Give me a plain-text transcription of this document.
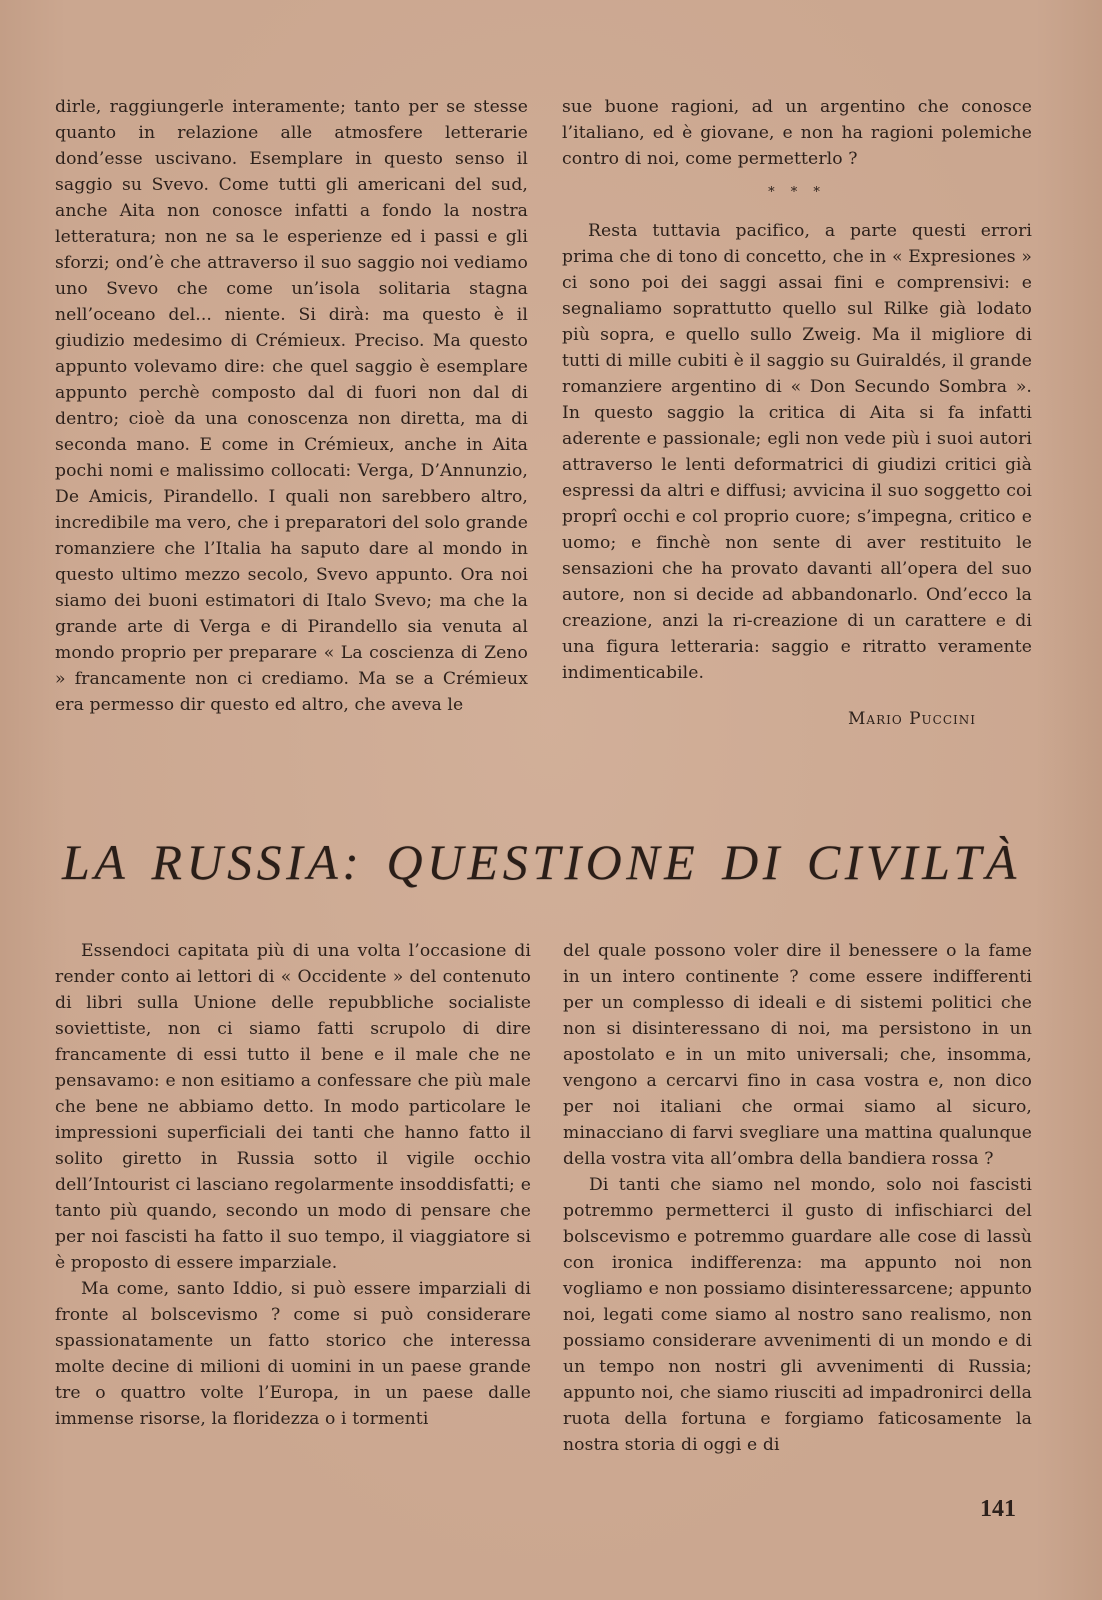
dirle, raggiungerle interamente; tanto per se stesse quanto in relazione alle atmosfere letterarie dond’esse uscivano. Esemplare in questo senso il saggio su Svevo. Come tutti gli americani del sud, anche Aita non conosce infatti a fondo la nostra letteratura; non ne sa le esperienze ed i passi e gli sforzi; ond’è che attraverso il suo saggio noi vediamo uno Svevo che come un’isola solitaria stagna nell’oceano del... niente. Si dirà: ma questo è il giudizio medesimo di Crémieux. Preciso. Ma questo appunto volevamo dire: che quel saggio è esemplare appunto perchè composto dal di fuori non dal di dentro; cioè da una conoscenza non diretta, ma di seconda mano. E come in Crémieux, anche in Aita pochi nomi e malissimo collocati: Verga, D’Annunzio, De Amicis, Pirandello. I quali non sarebbero altro, incredibile ma vero, che i preparatori del solo grande romanziere che l’Italia ha saputo dare al mondo in questo ultimo mezzo secolo, Svevo appunto. Ora noi siamo dei buoni estimatori di Italo Svevo; ma che la grande arte di Verga e di Pirandello sia venuta al mondo proprio per preparare « La coscienza di Zeno » francamente non ci crediamo. Ma se a Crémieux era permesso dir questo ed altro, che aveva le

sue buone ragioni, ad un argentino che conosce l’italiano, ed è giovane, e non ha ragioni polemiche contro di noi, come permetterlo ?

* * *

Resta tuttavia pacifico, a parte questi errori prima che di tono di concetto, che in « Expresiones » ci sono poi dei saggi assai fini e comprensivi: e segnaliamo soprattutto quello sul Rilke già lodato più sopra, e quello sullo Zweig. Ma il migliore di tutti di mille cubiti è il saggio su Guiraldés, il grande romanziere argentino di « Don Secundo Sombra ». In questo saggio la critica di Aita si fa infatti aderente e passionale; egli non vede più i suoi autori attraverso le lenti deformatrici di giudizi critici già espressi da altri e diffusi; avvicina il suo soggetto coi proprî occhi e col proprio cuore; s’impegna, critico e uomo; e finchè non sente di aver restituito le sensazioni che ha provato davanti all’opera del suo autore, non si decide ad abbandonarlo. Ond’ecco la creazione, anzi la ri-creazione di un carattere e di una figura letteraria: saggio e ritratto veramente indimenticabile.

Mario Puccini
LA RUSSIA: QUESTIONE DI CIVILTÀ

Essendoci capitata più di una volta l’occasione di render conto ai lettori di « Occidente » del contenuto di libri sulla Unione delle repubbliche socialiste soviettiste, non ci siamo fatti scrupolo di dire francamente di essi tutto il bene e il male che ne pensavamo: e non esitiamo a confessare che più male che bene ne abbiamo detto. In modo particolare le impressioni superficiali dei tanti che hanno fatto il solito giretto in Russia sotto il vigile occhio dell’Intourist ci lasciano regolarmente insoddisfatti; e tanto più quando, secondo un modo di pensare che per noi fascisti ha fatto il suo tempo, il viaggiatore si è proposto di essere imparziale.

Ma come, santo Iddio, si può essere imparziali di fronte al bolscevismo ? come si può considerare spassionatamente un fatto storico che interessa molte decine di milioni di uomini in un paese grande tre o quattro volte l’Europa, in un paese dalle immense risorse, la floridezza o i tormenti

del quale possono voler dire il benessere o la fame in un intero continente ? come essere indifferenti per un complesso di ideali e di sistemi politici che non si disinteressano di noi, ma persistono in un apostolato e in un mito universali; che, insomma, vengono a cercarvi fino in casa vostra e, non dico per noi italiani che ormai siamo al sicuro, minacciano di farvi svegliare una mattina qualunque della vostra vita all’ombra della bandiera rossa ?

Di tanti che siamo nel mondo, solo noi fascisti potremmo permetterci il gusto di infischiarci del bolscevismo e potremmo guardare alle cose di lassù con ironica indifferenza: ma appunto noi non vogliamo e non possiamo disinteressarcene; appunto noi, legati come siamo al nostro sano realismo, non possiamo considerare avvenimenti di un mondo e di un tempo non nostri gli avvenimenti di Russia; appunto noi, che siamo riusciti ad impadronirci della ruota della fortuna e forgiamo faticosamente la nostra storia di oggi e di

141
